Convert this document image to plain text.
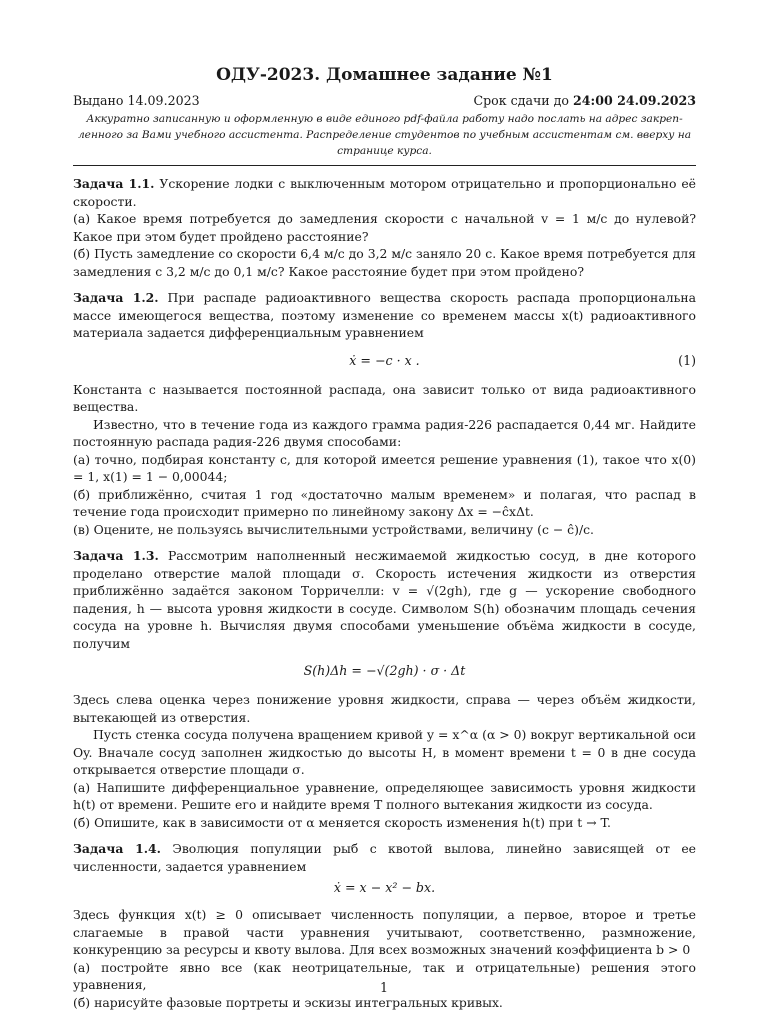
ОДУ-2023. Домашнее задание №1
Выдано 14.09.2023	Срок сдачи до 24:00 24.09.2023
Аккуратно записанную и оформленную в виде единого pdf-файла работу надо послать на адрес закреп-ленного за Вами учебного ассистента. Распределение студентов по учебным ассистентам см. вверху на странице курса.

Задача 1.1. Ускорение лодки с выключенным мотором отрицательно и пропорционально её скорости.

(а) Какое время потребуется до замедления скорости с начальной v = 1 м/с до нулевой? Какое при этом будет пройдено расстояние?

(б) Пусть замедление со скорости 6,4 м/с до 3,2 м/с заняло 20 с. Какое время потребуется для замедления с 3,2 м/с до 0,1 м/с? Какое расстояние будет при этом пройдено?

Задача 1.2. При распаде радиоактивного вещества скорость распада пропорциональна массе имеющегося вещества, поэтому изменение со временем массы x(t) радиоактивного материала задается дифференциальным уравнением

ẋ = −c · x .	(1)

Константа c называется постоянной распада, она зависит только от вида радиоактивного вещества.

Известно, что в течение года из каждого грамма радия-226 распадается 0,44 мг. Найдите постоянную распада радия-226 двумя способами:

(а) точно, подбирая константу c, для которой имеется решение уравнения (1), такое что x(0) = 1, x(1) = 1 − 0,00044;

(б) приближённо, считая 1 год «достаточно малым временем» и полагая, что распад в течение года происходит примерно по линейному закону Δx = −ĉxΔt.

(в) Оцените, не пользуясь вычислительными устройствами, величину (c − ĉ)/c.

Задача 1.3. Рассмотрим наполненный несжимаемой жидкостью сосуд, в дне которого проделано отверстие малой площади σ. Скорость истечения жидкости из отверстия приближённо задаётся законом Торричелли: v = √(2gh), где g — ускорение свободного падения, h — высота уровня жидкости в сосуде. Символом S(h) обозначим площадь сечения сосуда на уровне h. Вычисляя двумя способами уменьшение объёма жидкости в сосуде, получим

S(h)Δh = −√(2gh) · σ · Δt

Здесь слева оценка через понижение уровня жидкости, справа — через объём жидкости, вытекающей из отверстия.

Пусть стенка сосуда получена вращением кривой y = x^α (α > 0) вокруг вертикальной оси Oy. Вначале сосуд заполнен жидкостью до высоты H, в момент времени t = 0 в дне сосуда открывается отверстие площади σ.

(а) Напишите дифференциальное уравнение, определяющее зависимость уровня жидкости h(t) от времени. Решите его и найдите время T полного вытекания жидкости из сосуда.

(б) Опишите, как в зависимости от α меняется скорость изменения h(t) при t → T.

Задача 1.4. Эволюция популяции рыб с квотой вылова, линейно зависящей от ее численности, задается уравнением

ẋ = x − x² − bx.

Здесь функция x(t) ≥ 0 описывает численность популяции, а первое, второе и третье слагаемые в правой части уравнения учитывают, соответственно, размножение, конкуренцию за ресурсы и квоту вылова. Для всех возможных значений коэффициента b > 0

(а) постройте явно все (как неотрицательные, так и отрицательные) решения этого уравнения,

(б) нарисуйте фазовые портреты и эскизы интегральных кривых.

1
